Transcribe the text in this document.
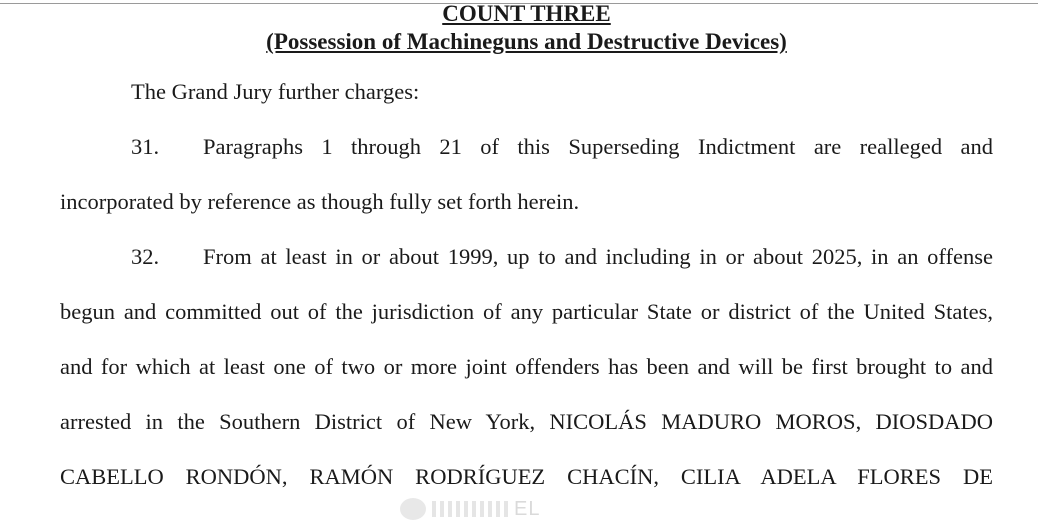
COUNT THREE
(Possession of Machineguns and Destructive Devices)
The Grand Jury further charges:
31. Paragraphs 1 through 21 of this Superseding Indictment are realleged and
incorporated by reference as though fully set forth herein.
32. From at least in or about 1999, up to and including in or about 2025, in an offense
begun and committed out of the jurisdiction of any particular State or district of the United States,
and for which at least one of two or more joint offenders has been and will be first brought to and
arrested in the Southern District of New York, NICOLÁS MADURO MOROS, DIOSDADO
CABELLO RONDÓN, RAMÓN RODRÍGUEZ CHACÍN, CILIA ADELA FLORES DE
EL
